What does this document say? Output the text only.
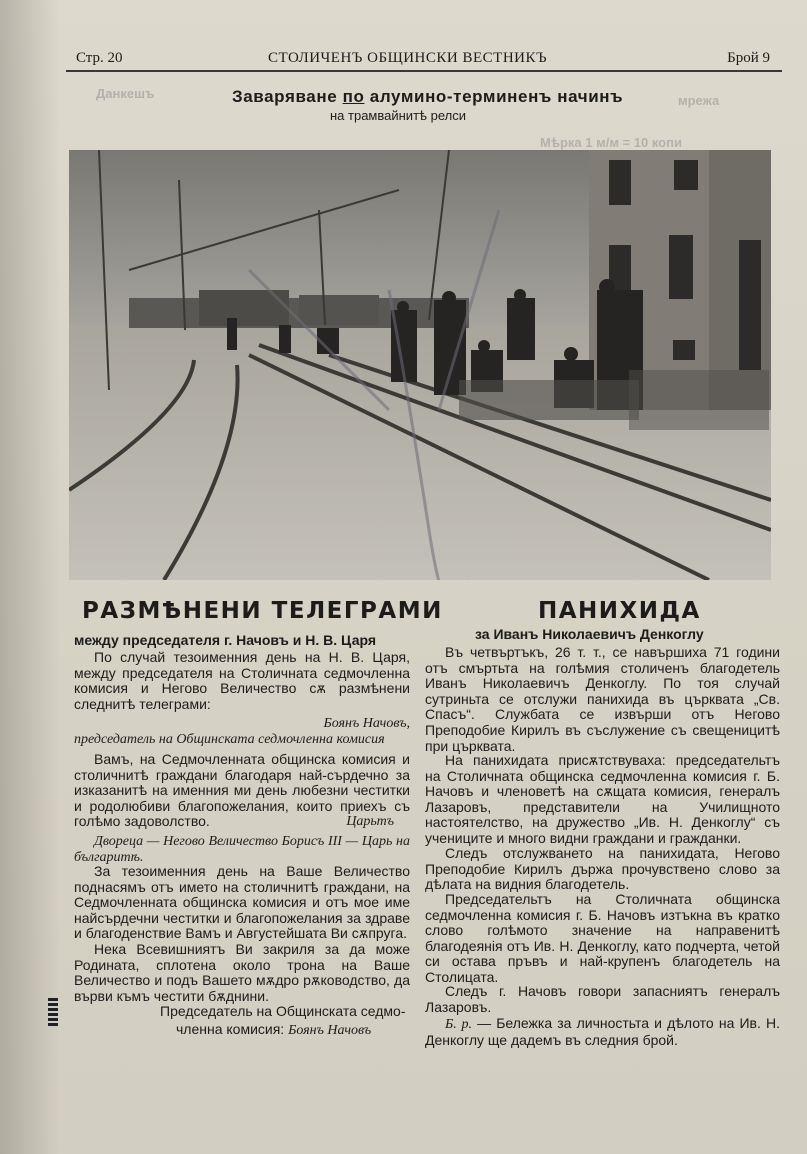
Стр. 20	СТОЛИЧЕНЪ ОБЩИНСКИ ВЕСТНИКЪ	Брой 9
Данкешъ	мрежа
Мѣрка 1 м/м = 10 копи
Заваряване по алумино-терминенъ начинъ
на трамвайнитѣ релси
РАЗМѢНЕНИ ТЕЛЕГРАМИ
между председателя г. Начовъ и Н. В. Царя
По случай тезоименния день на Н. В. Царя, между председателя на Столичната седмочленна комисия и Негово Величество сѫ размѣнени следнитѣ телеграми:
Боянъ Начовъ,
председатель на Общинската седмочленна комисия
Вамъ, на Седмочленната общинска комисия и столичнитѣ граждани благодаря най-сърдечно за изказанитѣ на именния ми день любезни честитки и родолюбиви благопожелания, които приехъ съ голѣмо задоволство.	Царьтъ
Двореца — Негово Величество Борисъ III — Царь на българитѣ.
За тезоименния день на Ваше Величество поднасямъ отъ името на столичнитѣ граждани, на Седмочленната общинска комисия и отъ мое име найсърдечни честитки и благопожелания за здраве и благоденствие Вамъ и Августейшата Ви сѫпруга.
Нека Всевишниятъ Ви закриля за да може Родината, сплотена около трона на Ваше Величество и подъ Вашето мѫдро рѫководство, да върви къмъ честити бѫднини.
Председатель на Общинската седмо-
членна комисия: Боянъ Начовъ
ПАНИХИДА
за Иванъ Николаевичъ Денкоглу
Въ четвъртъкъ, 26 т. т., се навършиха 71 години отъ смъртьта на голѣмия столиченъ благодетель Иванъ Николаевичъ Денкоглу. По тоя случай сутриньта се отслужи панихида въ църквата „Св. Спасъ“. Службата се извърши отъ Негово Преподобие Кирилъ въ съслужение съ свещеницитѣ при църквата.
На панихидата присѫтствуваха: председательтъ на Столичната общинска седмочленна комисия г. Б. Начовъ и членоветѣ на сѫщата комисия, генералъ Лазаровъ, представители на Училищното настоятелство, на дружество „Ив. Н. Денкоглу“ съ учениците и много видни граждани и гражданки.
Следъ отслужването на панихидата, Негово Преподобие Кирилъ държа прочувствено слово за дѣлата на видния благодетель.
Председательтъ на Столичната общинска седмочленна комисия г. Б. Начовъ изтъкна въ кратко слово голѣмото значение на направенитѣ благодеянія отъ Ив. Н. Денкоглу, като подчерта, четой си остава пръвъ и най-крупенъ благодетель на Столицата.
Следъ г. Начовъ говори запасниятъ генералъ Лазаровъ.
Б. р. — Бележка за личностьта и дѣлото на Ив. Н. Денкоглу ще дадемъ въ следния брой.
